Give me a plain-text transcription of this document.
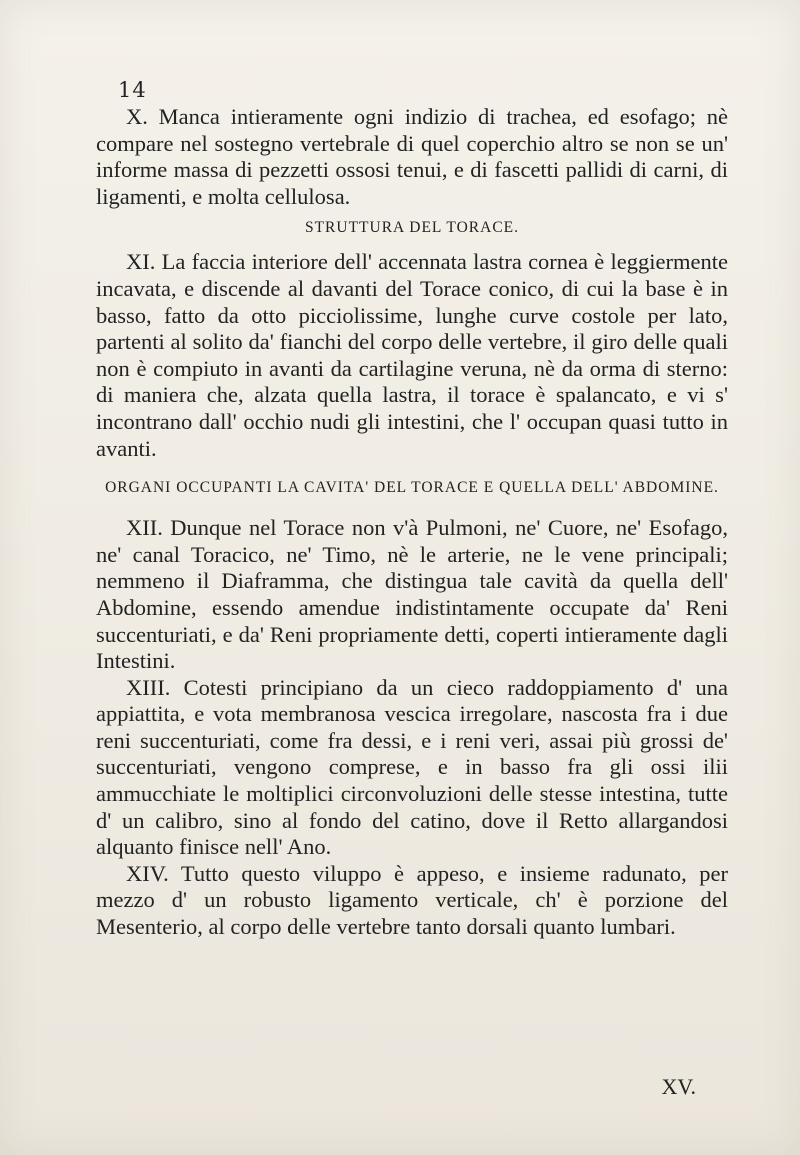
14

X. Manca intieramente ogni indizio di trachea, ed esofago; nè compare nel sostegno vertebrale di quel coperchio altro se non se un' informe massa di pezzetti ossosi tenui, e di fascetti pallidi di carni, di ligamenti, e molta cellulosa.

STRUTTURA DEL TORACE.

XI. La faccia interiore dell' accennata lastra cornea è leggiermente incavata, e discende al davanti del Torace conico, di cui la base è in basso, fatto da otto picciolissime, lunghe curve costole per lato, partenti al solito da' fianchi del corpo delle vertebre, il giro delle quali non è compiuto in avanti da cartilagine veruna, nè da orma di sterno: di maniera che, alzata quella lastra, il torace è spalancato, e vi s' incontrano dall' occhio nudi gli intestini, che l' occupan quasi tutto in avanti.

ORGANI OCCUPANTI LA CAVITA' DEL TORACE E QUELLA DELL' ABDOMINE.

XII. Dunque nel Torace non v'à Pulmoni, ne' Cuore, ne' Esofago, ne' canal Toracico, ne' Timo, nè le arterie, ne le vene principali; nemmeno il Diaframma, che distingua tale cavità da quella dell' Abdomine, essendo amendue indistintamente occupate da' Reni succenturiati, e da' Reni propriamente detti, coperti intieramente dagli Intestini.

XIII. Cotesti principiano da un cieco raddoppiamento d' una appiattita, e vota membranosa vescica irregolare, nascosta fra i due reni succenturiati, come fra dessi, e i reni veri, assai più grossi de' succenturiati, vengono comprese, e in basso fra gli ossi ilii ammucchiate le moltiplici circonvoluzioni delle stesse intestina, tutte d' un calibro, sino al fondo del catino, dove il Retto allargandosi alquanto finisce nell' Ano.

XIV. Tutto questo viluppo è appeso, e insieme radunato, per mezzo d' un robusto ligamento verticale, ch' è porzione del Mesenterio, al corpo delle vertebre tanto dorsali quanto lumbari.

XV.
